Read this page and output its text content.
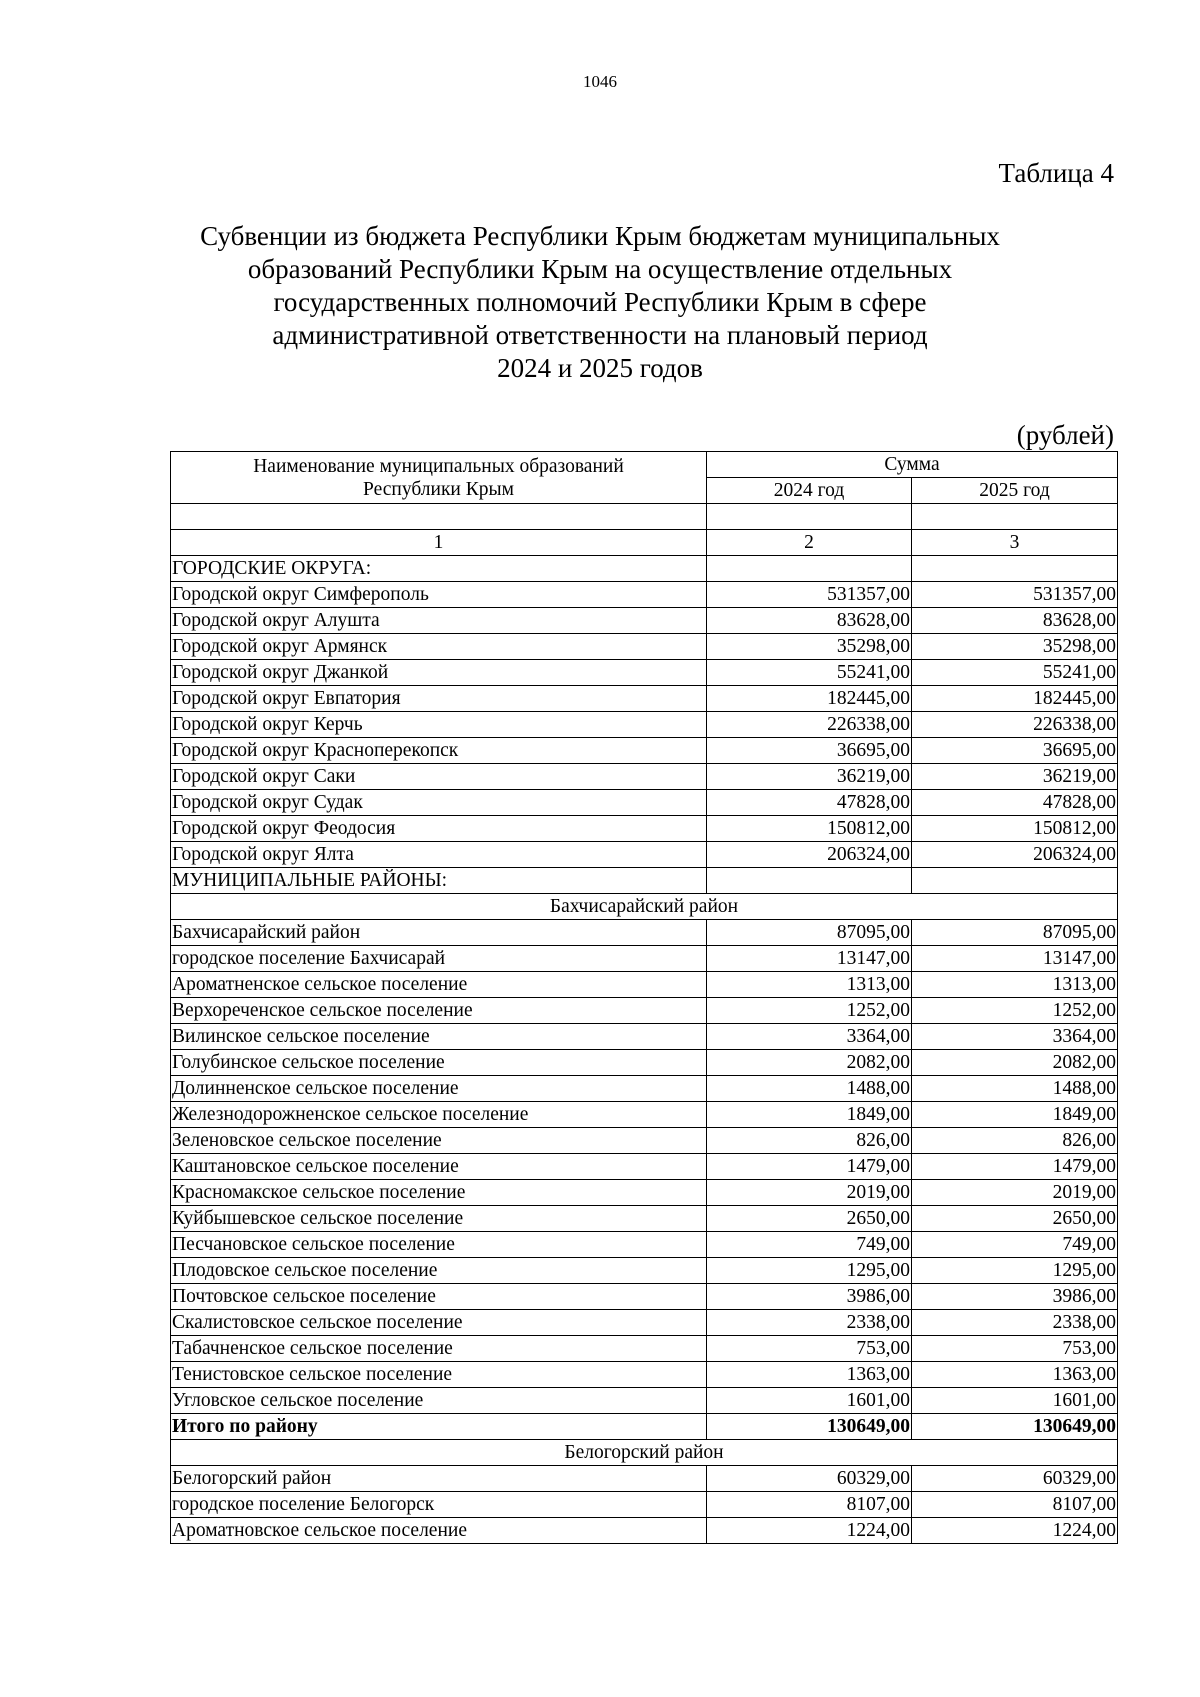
1046
Таблица 4
Субвенции из бюджета Республики Крым бюджетам муниципальных
образований Республики Крым на осуществление отдельных
государственных полномочий Республики Крым в сфере
административной ответственности на плановый период
2024 и 2025 годов
(рублей)
Наименование муниципальных образований
Республики Крым	Сумма	
	2024 год	2025 год

1	2	3
ГОРОДСКИЕ ОКРУГА:		
Городской округ Симферополь	531357,00	531357,00
Городской округ Алушта	83628,00	83628,00
Городской округ Армянск	35298,00	35298,00
Городской округ Джанкой	55241,00	55241,00
Городской округ Евпатория	182445,00	182445,00
Городской округ Керчь	226338,00	226338,00
Городской округ Красноперекопск	36695,00	36695,00
Городской округ Саки	36219,00	36219,00
Городской округ Судак	47828,00	47828,00
Городской округ Феодосия	150812,00	150812,00
Городской округ Ялта	206324,00	206324,00
МУНИЦИПАЛЬНЫЕ РАЙОНЫ:		
Бахчисарайский район		
Бахчисарайский район	87095,00	87095,00
городское поселение Бахчисарай	13147,00	13147,00
Ароматненское сельское поселение	1313,00	1313,00
Верхореченское сельское поселение	1252,00	1252,00
Вилинское сельское поселение	3364,00	3364,00
Голубинское сельское поселение	2082,00	2082,00
Долинненское сельское поселение	1488,00	1488,00
Железнодорожненское сельское поселение	1849,00	1849,00
Зеленовское сельское поселение	826,00	826,00
Каштановское сельское поселение	1479,00	1479,00
Красномакское сельское поселение	2019,00	2019,00
Куйбышевское сельское поселение	2650,00	2650,00
Песчановское сельское поселение	749,00	749,00
Плодовское сельское поселение	1295,00	1295,00
Почтовское сельское поселение	3986,00	3986,00
Скалистовское сельское поселение	2338,00	2338,00
Табачненское сельское поселение	753,00	753,00
Тенистовское сельское поселение	1363,00	1363,00
Угловское сельское поселение	1601,00	1601,00
Итого по району	130649,00	130649,00
Белогорский район		
Белогорский район	60329,00	60329,00
городское поселение Белогорск	8107,00	8107,00
Ароматновское сельское поселение	1224,00	1224,00
